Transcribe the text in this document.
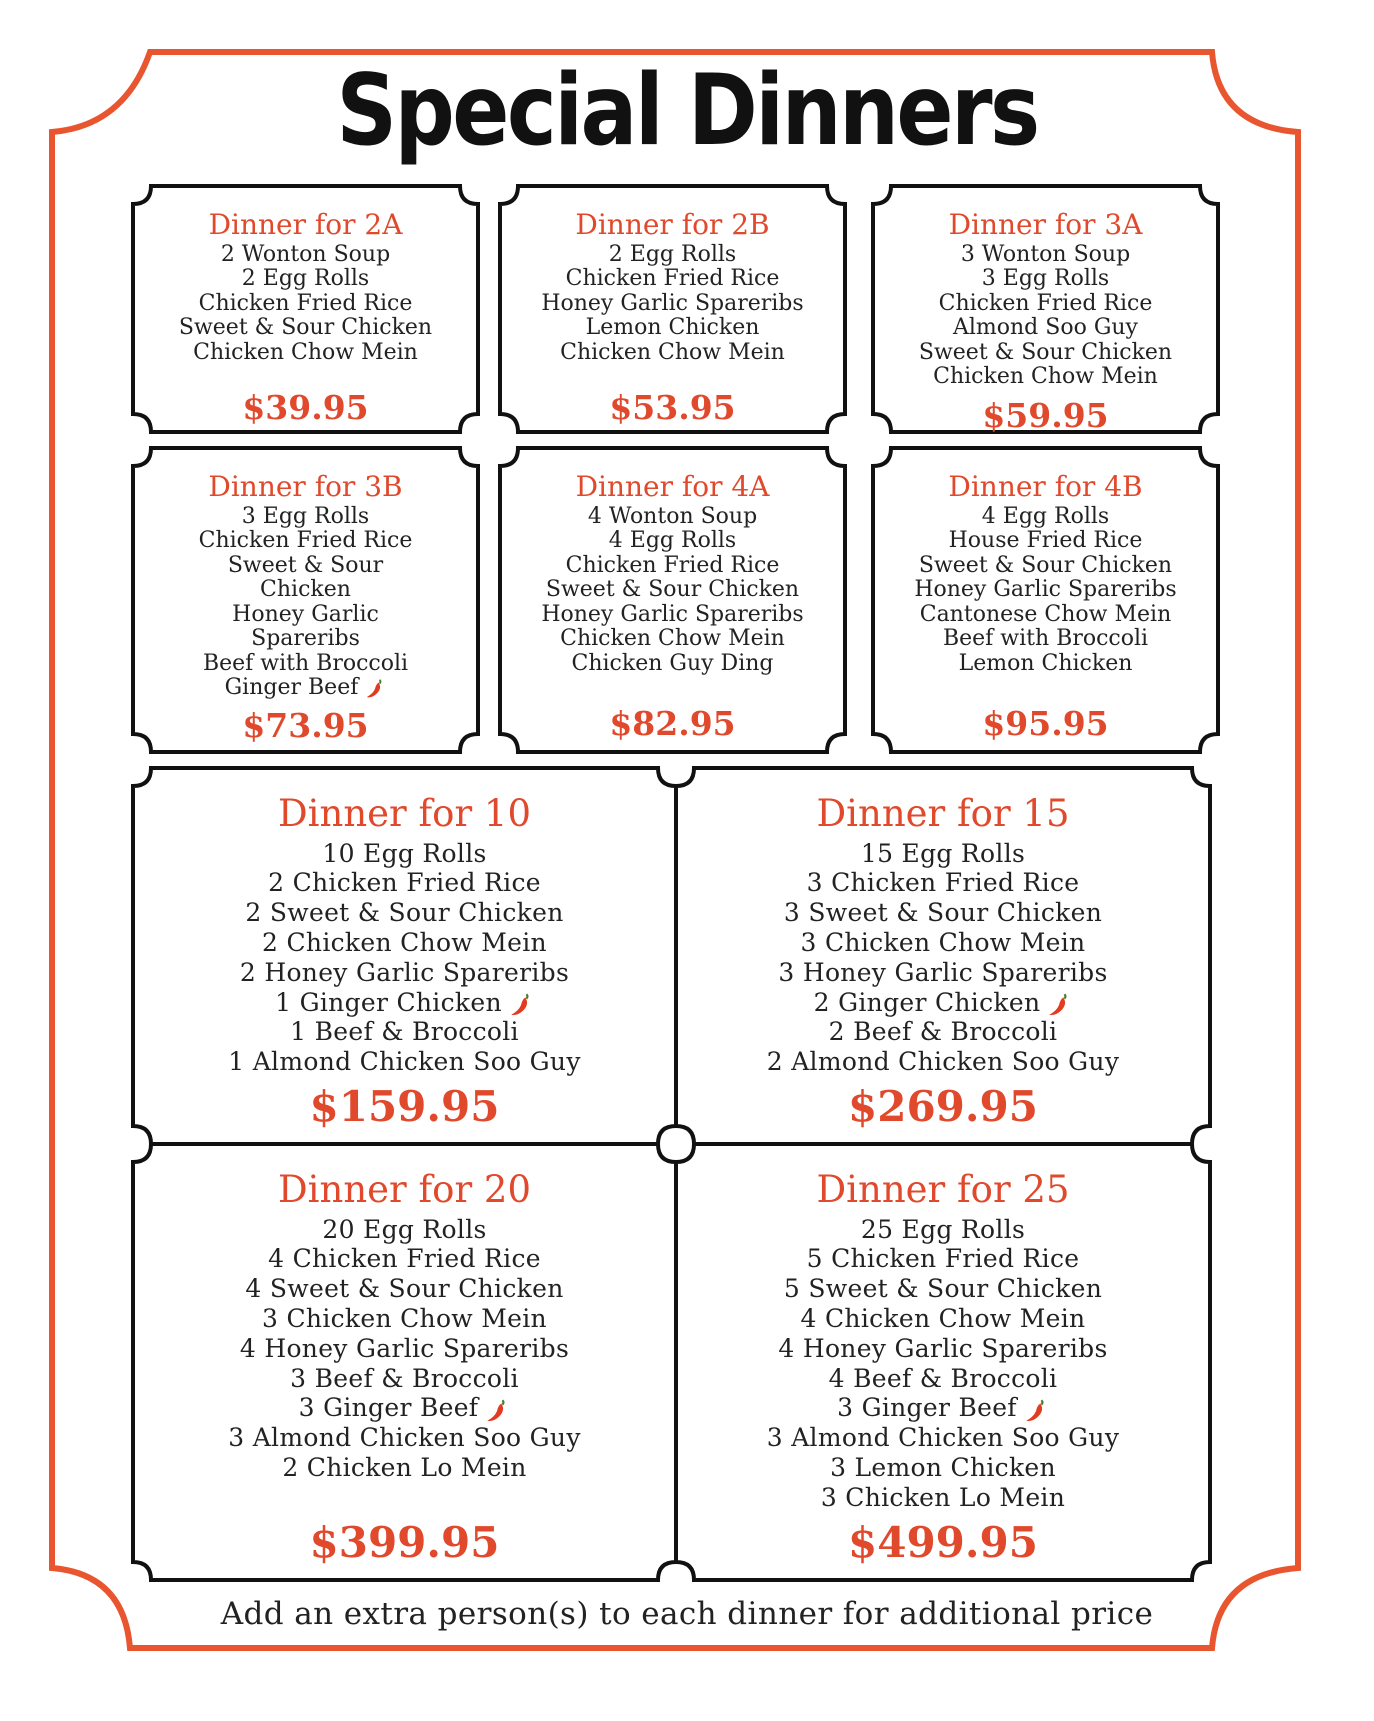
Special Dinners
Dinner for 2A
2 Wonton Soup
2 Egg Rolls
Chicken Fried Rice
Sweet & Sour Chicken
Chicken Chow Mein
$39.95
Dinner for 2B
2 Egg Rolls
Chicken Fried Rice
Honey Garlic Spareribs
Lemon Chicken
Chicken Chow Mein
$53.95
Dinner for 3A
3 Wonton Soup
3 Egg Rolls
Chicken Fried Rice
Almond Soo Guy
Sweet & Sour Chicken
Chicken Chow Mein
$59.95
Dinner for 3B
3 Egg Rolls
Chicken Fried Rice
Sweet & Sour
Chicken
Honey Garlic
Spareribs
Beef with Broccoli
Ginger Beef
$73.95
Dinner for 4A
4 Wonton Soup
4 Egg Rolls
Chicken Fried Rice
Sweet & Sour Chicken
Honey Garlic Spareribs
Chicken Chow Mein
Chicken Guy Ding
$82.95
Dinner for 4B
4 Egg Rolls
House Fried Rice
Sweet & Sour Chicken
Honey Garlic Spareribs
Cantonese Chow Mein
Beef with Broccoli
Lemon Chicken
$95.95
Dinner for 10
10 Egg Rolls
2 Chicken Fried Rice
2 Sweet & Sour Chicken
2 Chicken Chow Mein
2 Honey Garlic Spareribs
1 Ginger Chicken
1 Beef & Broccoli
1 Almond Chicken Soo Guy
$159.95
Dinner for 15
15 Egg Rolls
3 Chicken Fried Rice
3 Sweet & Sour Chicken
3 Chicken Chow Mein
3 Honey Garlic Spareribs
2 Ginger Chicken
2 Beef & Broccoli
2 Almond Chicken Soo Guy
$269.95
Dinner for 20
20 Egg Rolls
4 Chicken Fried Rice
4 Sweet & Sour Chicken
3 Chicken Chow Mein
4 Honey Garlic Spareribs
3 Beef & Broccoli
3 Ginger Beef
3 Almond Chicken Soo Guy
2 Chicken Lo Mein
$399.95
Dinner for 25
25 Egg Rolls
5 Chicken Fried Rice
5 Sweet & Sour Chicken
4 Chicken Chow Mein
4 Honey Garlic Spareribs
4 Beef & Broccoli
3 Ginger Beef
3 Almond Chicken Soo Guy
3 Lemon Chicken
3 Chicken Lo Mein
$499.95
Add an extra person(s) to each dinner for additional price
